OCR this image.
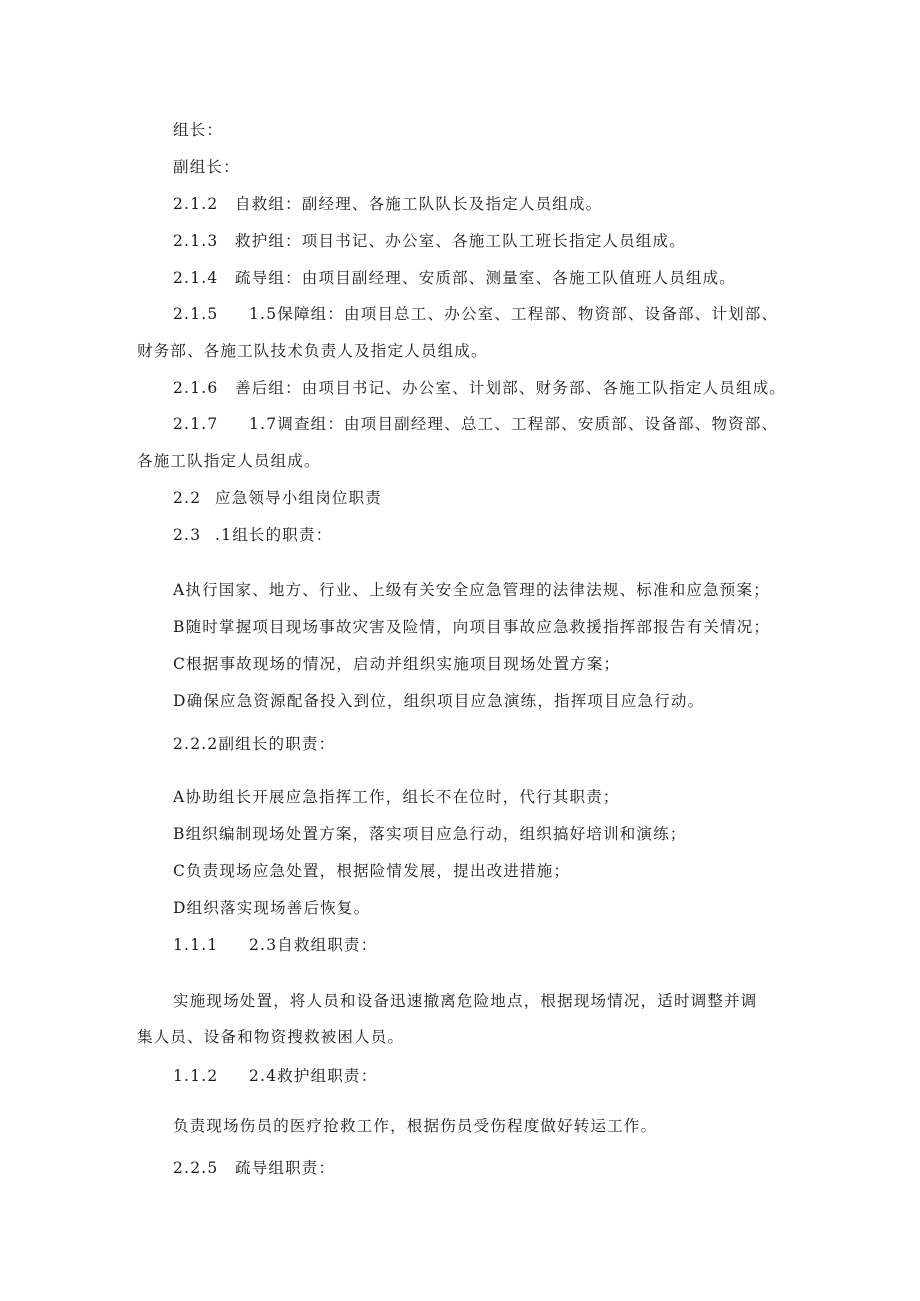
组长：
副组长：
2.1.2 自救组：副经理、各施工队队长及指定人员组成。
2.1.3 救护组：项目书记、办公室、各施工队工班长指定人员组成。
2.1.4 疏导组：由项目副经理、安质部、测量室、各施工队值班人员组成。
2.1.5 1.5保障组：由项目总工、办公室、工程部、物资部、设备部、计划部、
财务部、各施工队技术负责人及指定人员组成。
2.1.6 善后组：由项目书记、办公室、计划部、财务部、各施工队指定人员组成。
2.1.7 1.7调查组：由项目副经理、总工、工程部、安质部、设备部、物资部、
各施工队指定人员组成。
2.2 应急领导小组岗位职责
2.3 .1组长的职责：
A执行国家、地方、行业、上级有关安全应急管理的法律法规、标准和应急预案；
B随时掌握项目现场事故灾害及险情，向项目事故应急救援指挥部报告有关情况；
C根据事故现场的情况，启动并组织实施项目现场处置方案；
D确保应急资源配备投入到位，组织项目应急演练，指挥项目应急行动。
2.2.2副组长的职责：
A协助组长开展应急指挥工作，组长不在位时，代行其职责；
B组织编制现场处置方案，落实项目应急行动，组织搞好培训和演练；
C负责现场应急处置，根据险情发展，提出改进措施；
D组织落实现场善后恢复。
1.1.1 2.3自救组职责：
实施现场处置，将人员和设备迅速撤离危险地点，根据现场情况，适时调整并调
集人员、设备和物资搜救被困人员。
1.1.2 2.4救护组职责：
负责现场伤员的医疗抢救工作，根据伤员受伤程度做好转运工作。
2.2.5 疏导组职责：
